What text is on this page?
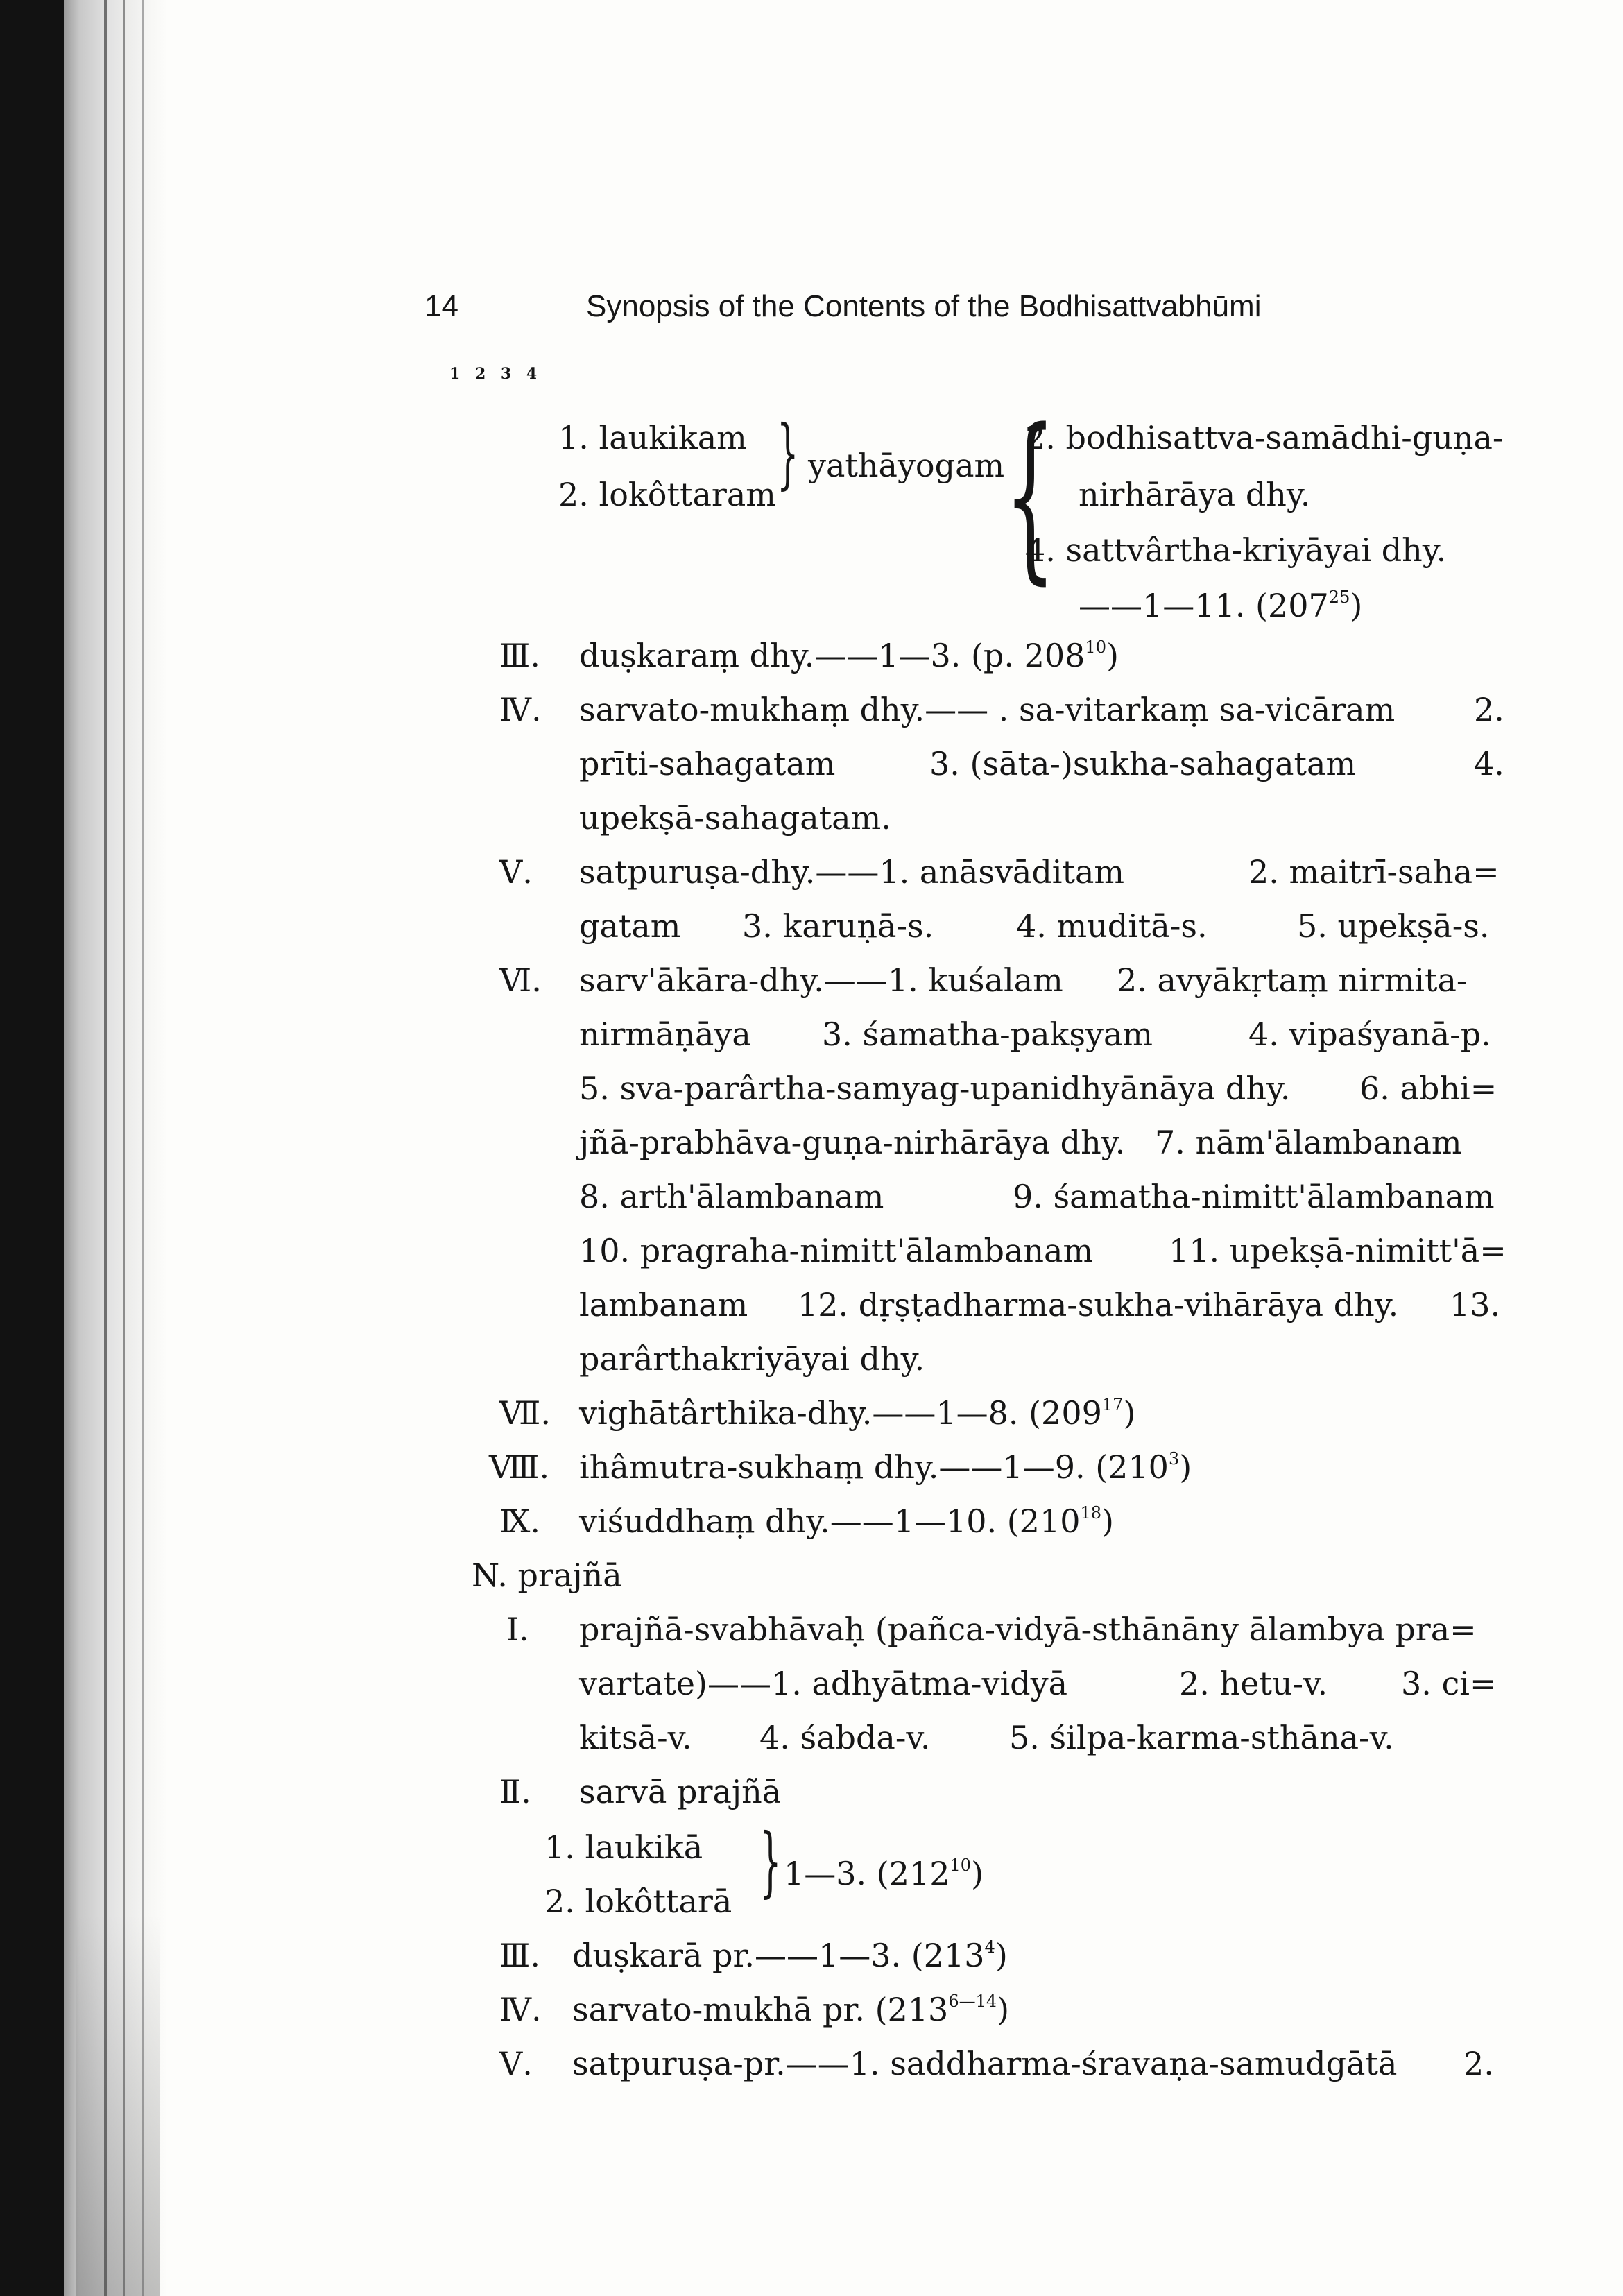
14	Synopsis of the Contents of the Bodhisattvabhūmi
1 2 3 4
1. laukikam
2. lokôttaram } yathāyogam {
2. bodhisattva-samādhi-guṇa-
nirhārāya dhy.
4. sattvârtha-kriyāyai dhy.
——1—11. $(207^{25})$
Ⅲ. duṣkaraṃ dhy.——1—3. (p. $208^{10}$)
Ⅳ. sarvato-mukhaṃ dhy.—— . sa-vitarkaṃ sa-vicāram 2.
prīti-sahagatam	3. (sāta-)sukha-sahagatam	4.
upekṣā-sahagatam.
Ⅴ. satpuruṣa-dhy.——1. anāsvāditam	2. maitrī-saha=
gatam 3. karuṇā-s.	4. muditā-s.	5. upekṣā-s.
Ⅵ. sarv'ākāra-dhy.——1. kuśalam 2. avyākṛtaṃ nirmita-
nirmāṇāya 3. śamatha-pakṣyam	4. vipaśyanā-p.
5. sva-parârtha-samyag-upanidhyānāya dhy. 6. abhi=
jñā-prabhāva-guṇa-nirhārāya dhy. 7. nām'ālambanam
8. arth'ālambanam	9. śamatha-nimitt'ālambanam
10. pragraha-nimitt'ālambanam 11. upekṣā-nimitt'ā=
lambanam 12. dṛṣṭadharma-sukha-vihārāya dhy. 13.
parârthakriyāyai dhy.
Ⅶ. vighātârthika-dhy.——1—8. $(209^{17})$
Ⅷ. ihâmutra-sukhaṃ dhy.——1—9. $(210^3)$
Ⅸ. viśuddhaṃ dhy.——1—10. $(210^{18})$
N. prajñā
Ⅰ. prajñā-svabhāvaḥ (pañca-vidyā-sthānāny ālambya pra=
vartate)——1. adhyātma-vidyā	2. hetu-v. 3. ci=
kitsā-v. 4. śabda-v. 5. śilpa-karma-sthāna-v.
Ⅱ. sarvā prajñā
1. laukikā
2. lokôttarā } 1—3. $(212^{10})$
Ⅲ. duṣkarā pr.——1—3. $(213^4)$
Ⅳ. sarvato-mukhā pr. $(213^{6—14})$
Ⅴ. satpuruṣa-pr.——1. saddharma-śravaṇa-samudgātā 2.
